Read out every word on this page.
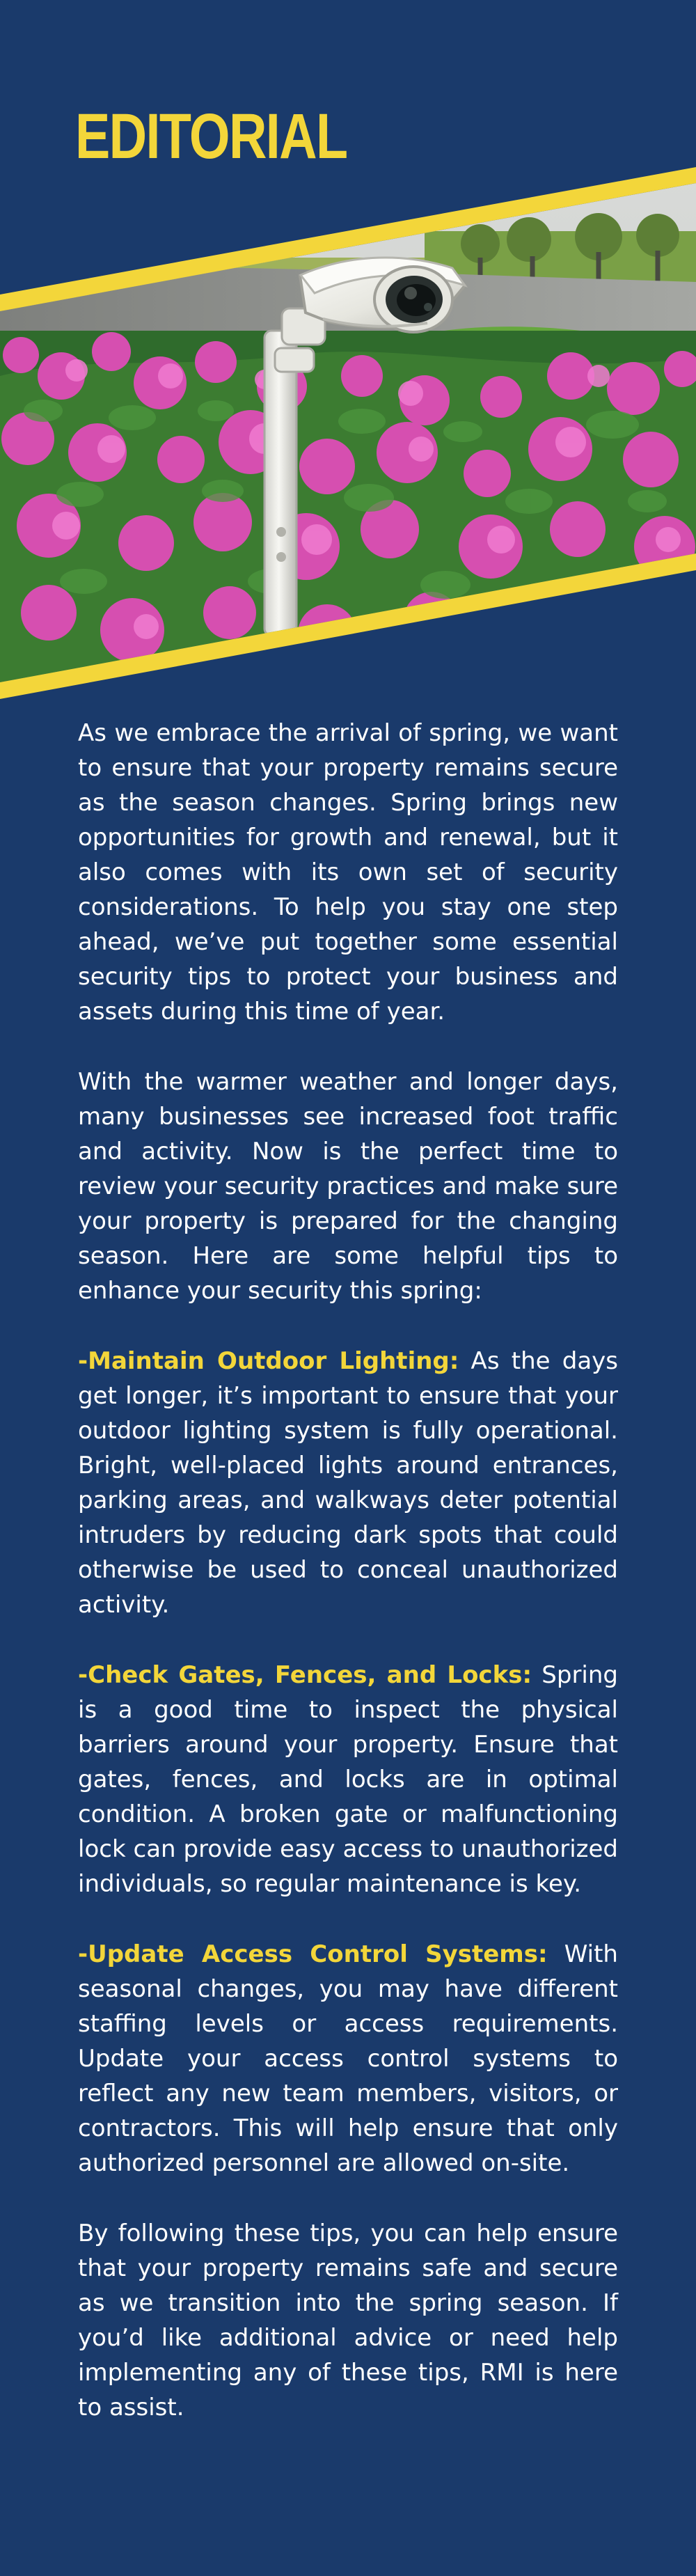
EDITORIAL

As we embrace the arrival of spring, we want to ensure that your property remains secure as the season changes. Spring brings new opportunities for growth and renewal, but it also comes with its own set of security considerations. To help you stay one step ahead, we’ve put together some essential security tips to protect your business and assets during this time of year.

With the warmer weather and longer days, many businesses see increased foot traffic and activity. Now is the perfect time to review your security practices and make sure your property is prepared for the changing season. Here are some helpful tips to enhance your security this spring:

-Maintain Outdoor Lighting: As the days get longer, it’s important to ensure that your outdoor lighting system is fully operational. Bright, well-placed lights around entrances, parking areas, and walkways deter potential intruders by reducing dark spots that could otherwise be used to conceal unauthorized activity.

-Check Gates, Fences, and Locks: Spring is a good time to inspect the physical barriers around your property. Ensure that gates, fences, and locks are in optimal condition. A broken gate or malfunctioning lock can provide easy access to unauthorized individuals, so regular maintenance is key.

-Update Access Control Systems: With seasonal changes, you may have different staffing levels or access requirements. Update your access control systems to reflect any new team members, visitors, or contractors. This will help ensure that only authorized personnel are allowed on-site.

By following these tips, you can help ensure that your property remains safe and secure as we transition into the spring season. If you’d like additional advice or need help implementing any of these tips, RMI is here to assist.
